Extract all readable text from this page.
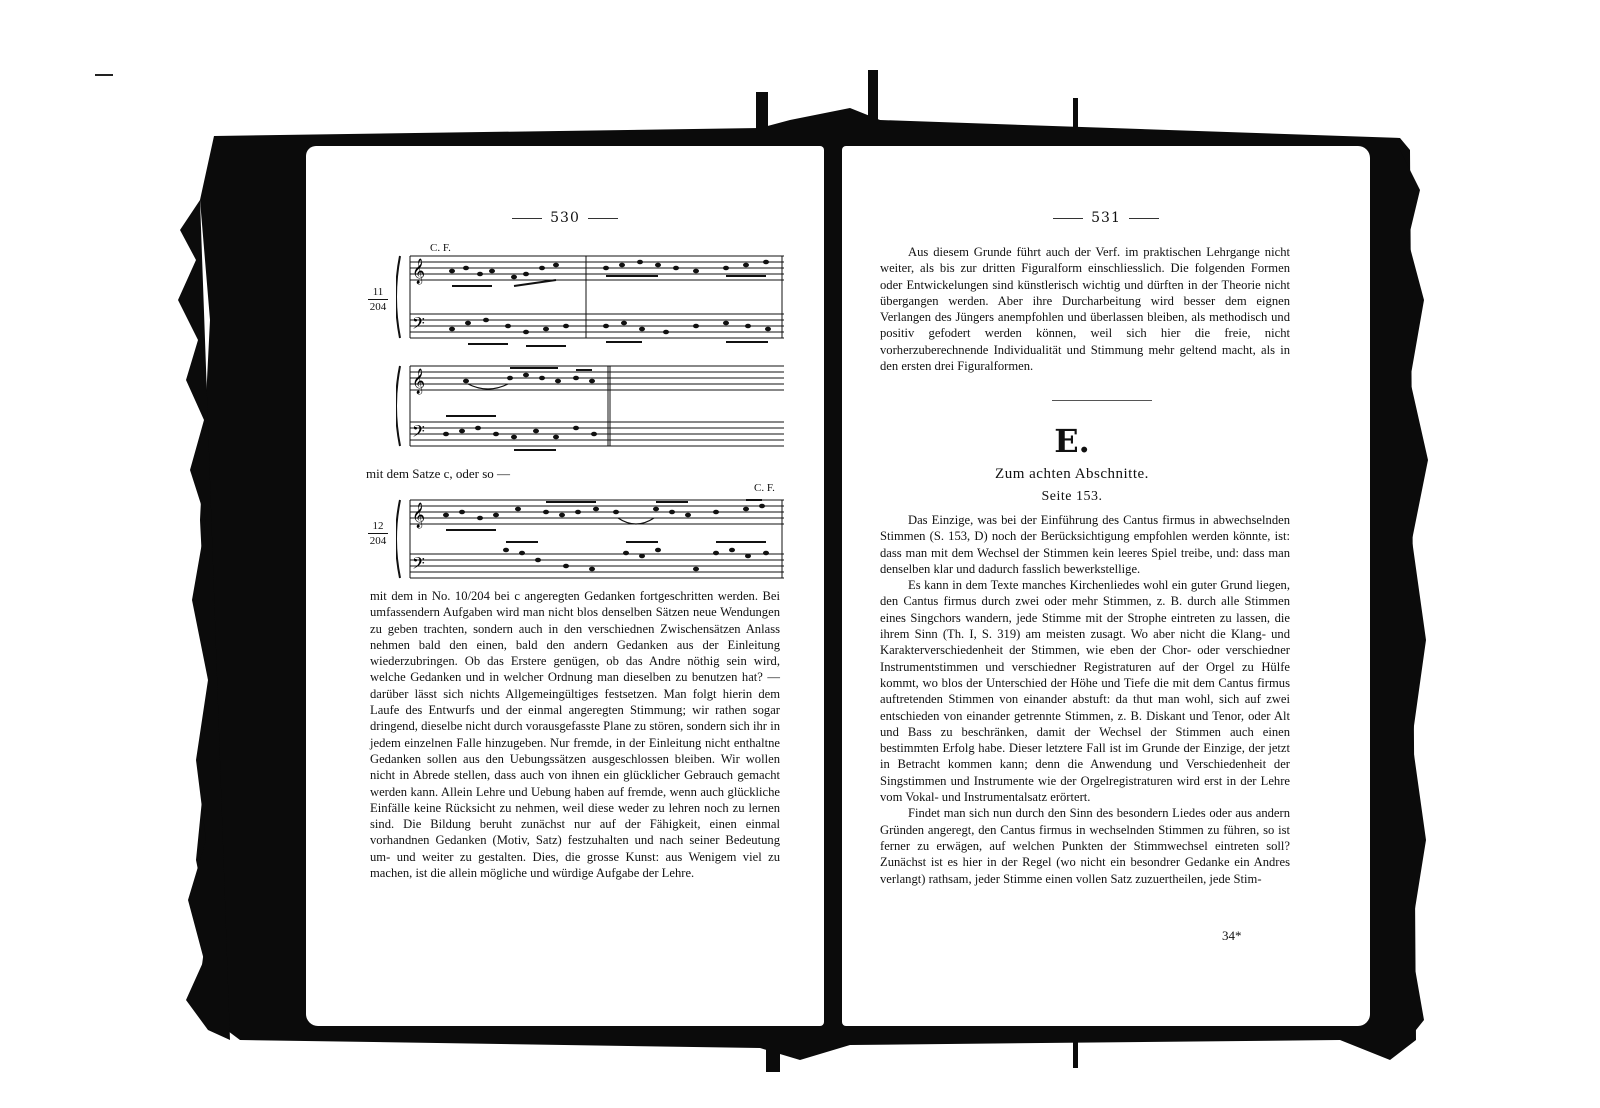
530
C. F.
11
204
𝄞
𝄢
𝄞
𝄢
mit dem Satze c, oder so —
C. F.
12
204
𝄞
𝄢

mit dem in No. 10/204 bei c angeregten Gedanken fortgeschritten werden. Bei umfassendern Aufgaben wird man nicht blos denselben Sätzen neue Wendungen zu geben trachten, sondern auch in den verschiednen Zwischensätzen Anlass nehmen bald den einen, bald den andern Gedanken aus der Einleitung wiederzubringen. Ob das Erstere genügen, ob das Andre nöthig sein wird, welche Gedanken und in welcher Ordnung man dieselben zu benutzen hat? — darüber lässt sich nichts Allgemeingültiges festsetzen. Man folgt hierin dem Laufe des Entwurfs und der einmal angeregten Stimmung; wir rathen sogar dringend, dieselbe nicht durch vorausgefasste Plane zu stören, sondern sich ihr in jedem einzelnen Falle hinzugeben. Nur fremde, in der Einleitung nicht enthaltne Gedanken sollen aus den Uebungssätzen ausgeschlossen bleiben. Wir wollen nicht in Abrede stellen, dass auch von ihnen ein glücklicher Gebrauch gemacht werden kann. Allein Lehre und Uebung haben auf fremde, wenn auch glückliche Einfälle keine Rücksicht zu nehmen, weil diese weder zu lehren noch zu lernen sind. Die Bildung beruht zunächst nur auf der Fähigkeit, einen einmal vorhandnen Gedanken (Motiv, Satz) festzuhalten und nach seiner Bedeutung um- und weiter zu gestalten. Dies, die grosse Kunst: aus Wenigem viel zu machen, ist die allein mögliche und würdige Aufgabe der Lehre.

531

Aus diesem Grunde führt auch der Verf. im praktischen Lehrgange nicht weiter, als bis zur dritten Figuralform einschliesslich. Die folgenden Formen oder Entwickelungen sind künstlerisch wichtig und dürften in der Theorie nicht übergangen werden. Aber ihre Durcharbeitung wird besser dem eignen Verlangen des Jüngers anempfohlen und überlassen bleiben, als methodisch und positiv gefodert werden können, weil sich hier die freie, nicht vorherzuberechnende Individualität und Stimmung mehr geltend macht, als in den ersten drei Figuralformen.

E.
Zum achten Abschnitte.
Seite 153.

Das Einzige, was bei der Einführung des Cantus firmus in abwechselnden Stimmen (S. 153, D) noch der Berücksichtigung empfohlen werden könnte, ist: dass man mit dem Wechsel der Stimmen kein leeres Spiel treibe, und: dass man denselben klar und dadurch fasslich bewerkstellige.

Es kann in dem Texte manches Kirchenliedes wohl ein guter Grund liegen, den Cantus firmus durch zwei oder mehr Stimmen, z. B. durch alle Stimmen eines Singchors wandern, jede Stimme mit der Strophe eintreten zu lassen, die ihrem Sinn (Th. I, S. 319) am meisten zusagt. Wo aber nicht die Klang- und Karakterverschiedenheit der Stimmen, wie eben der Chor- oder verschiedner Instrumentstimmen und verschiedner Registraturen auf der Orgel zu Hülfe kommt, wo blos der Unterschied der Höhe und Tiefe die mit dem Cantus firmus auftretenden Stimmen von einander abstuft: da thut man wohl, sich auf zwei entschieden von einander getrennte Stimmen, z. B. Diskant und Tenor, oder Alt und Bass zu beschränken, damit der Wechsel der Stimmen auch einen bestimmten Erfolg habe. Dieser letztere Fall ist im Grunde der Einzige, der jetzt in Betracht kommen kann; denn die Anwendung und Verschiedenheit der Singstimmen und Instrumente wie der Orgelregistraturen wird erst in der Lehre vom Vokal- und Instrumentalsatz erörtert.

Findet man sich nun durch den Sinn des besondern Liedes oder aus andern Gründen angeregt, den Cantus firmus in wechselnden Stimmen zu führen, so ist ferner zu erwägen, auf welchen Punkten der Stimmwechsel eintreten soll? Zunächst ist es hier in der Regel (wo nicht ein besondrer Gedanke ein Andres verlangt) rathsam, jeder Stimme einen vollen Satz zuzuertheilen, jede Stim-

34*
